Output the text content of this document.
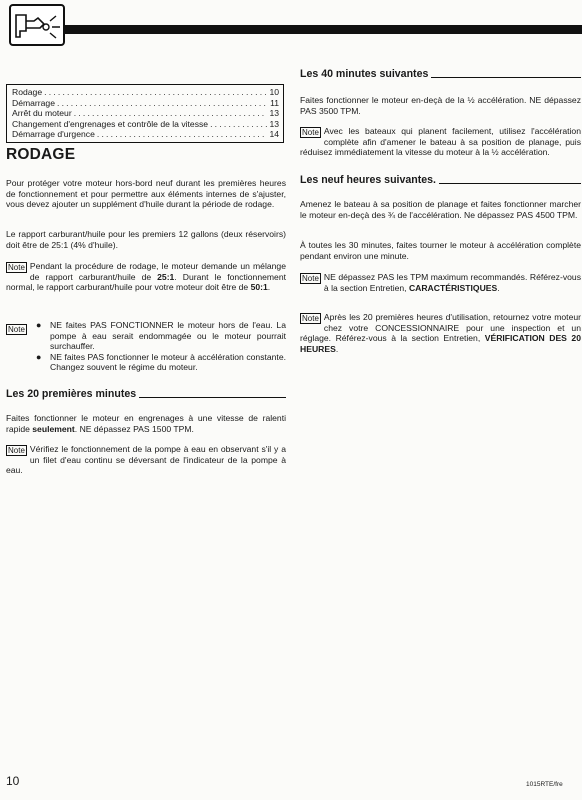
Rodage .....	10
Démarrage .....	11
Arrêt du moteur .....	13
Changement d'engrenages et contrôle de la vitesse .....	13
Démarrage d'urgence .....	14
RODAGE

Pour protéger votre moteur hors-bord neuf durant les premières heures de fonctionnement et pour permettre aux éléments internes de s'ajuster, vous devez ajouter un supplément d'huile durant la période de rodage.

Le rapport carburant/huile pour les premiers 12 gallons (deux réservoirs) doit être de 25:1 (4% d'huile).

Note Pendant la procédure de rodage, le moteur demande un mélange de rapport carburant/huile de 25:1. Durant le fonctionnement normal, le rapport carburant/huile pour votre moteur doit être de 50:1.

Note ● NE faites PAS FONCTIONNER le moteur hors de l'eau. La pompe à eau serait endommagée ou le moteur pourrait surchauffer.

● NE faites PAS fonctionner le moteur à accélération constante. Changez souvent le régime du moteur.

Les 20 premières minutes

Faites fonctionner le moteur en engrenages à une vitesse de ralenti rapide seulement. NE dépassez PAS 1500 TPM.

Note Vérifiez le fonctionnement de la pompe à eau en observant s'il y a un filet d'eau continu se déversant de l'indicateur de la pompe à eau.

Les 40 minutes suivantes

Faites fonctionner le moteur en-deçà de la ½ accélération. NE dépassez PAS 3500 TPM.

Note Avec les bateaux qui planent facilement, utilisez l'accélération complète afin d'amener le bateau à sa position de planage, puis réduisez immédiatement la vitesse du moteur à la ½ accélération.

Les neuf heures suivantes.

Amenez le bateau à sa position de planage et faites fonctionner marcher le moteur en-deçà des ¾ de l'accélération. Ne dépassez PAS 4500 TPM.

À toutes les 30 minutes, faites tourner le moteur à accélération complète pendant environ une minute.

Note NE dépassez PAS les TPM maximum recommandés. Référez-vous à la section Entretien, CARACTÉRISTIQUES.

Note Après les 20 premières heures d'utilisation, retournez votre moteur chez votre CONCESSIONNAIRE pour une inspection et un réglage. Référez-vous à la section Entretien, VÉRIFICATION DES 20 HEURES.

10	1015RTE/fre
